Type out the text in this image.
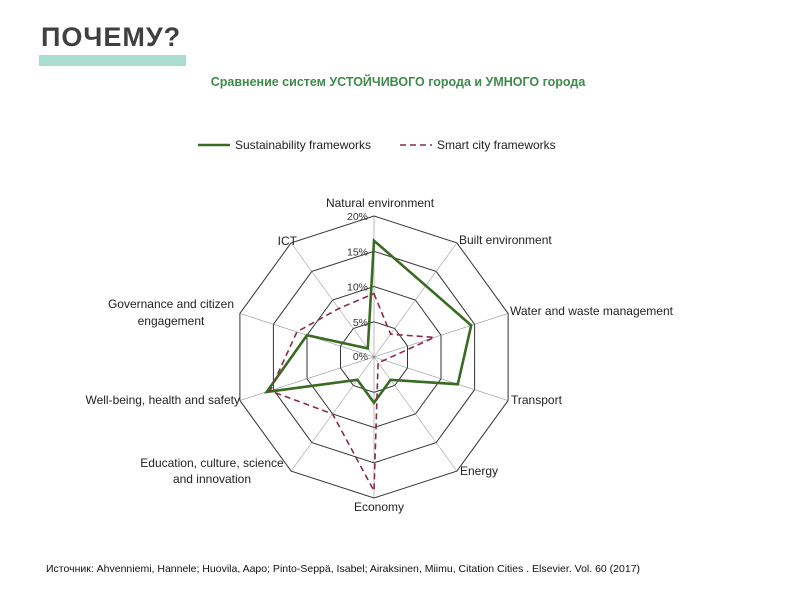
ПОЧЕМУ?
Сравнение систем УСТОЙЧИВОГО города и УМНОГО города
Sustainability frameworks	Smart city frameworks
0%
5%
10%
15%
20%
Natural environment
Built environment
Water and waste management
Transport
Energy
Economy
Education, culture, science and innovation
Well-being, health and safety
Governance and citizen engagement
ICT
Источник: Ahvenniemi, Hannele; Huovila, Aapo; Pinto-Seppä, Isabel; Airaksinen, Miimu, Citation Cities . Elsevier. Vol. 60 (2017)
